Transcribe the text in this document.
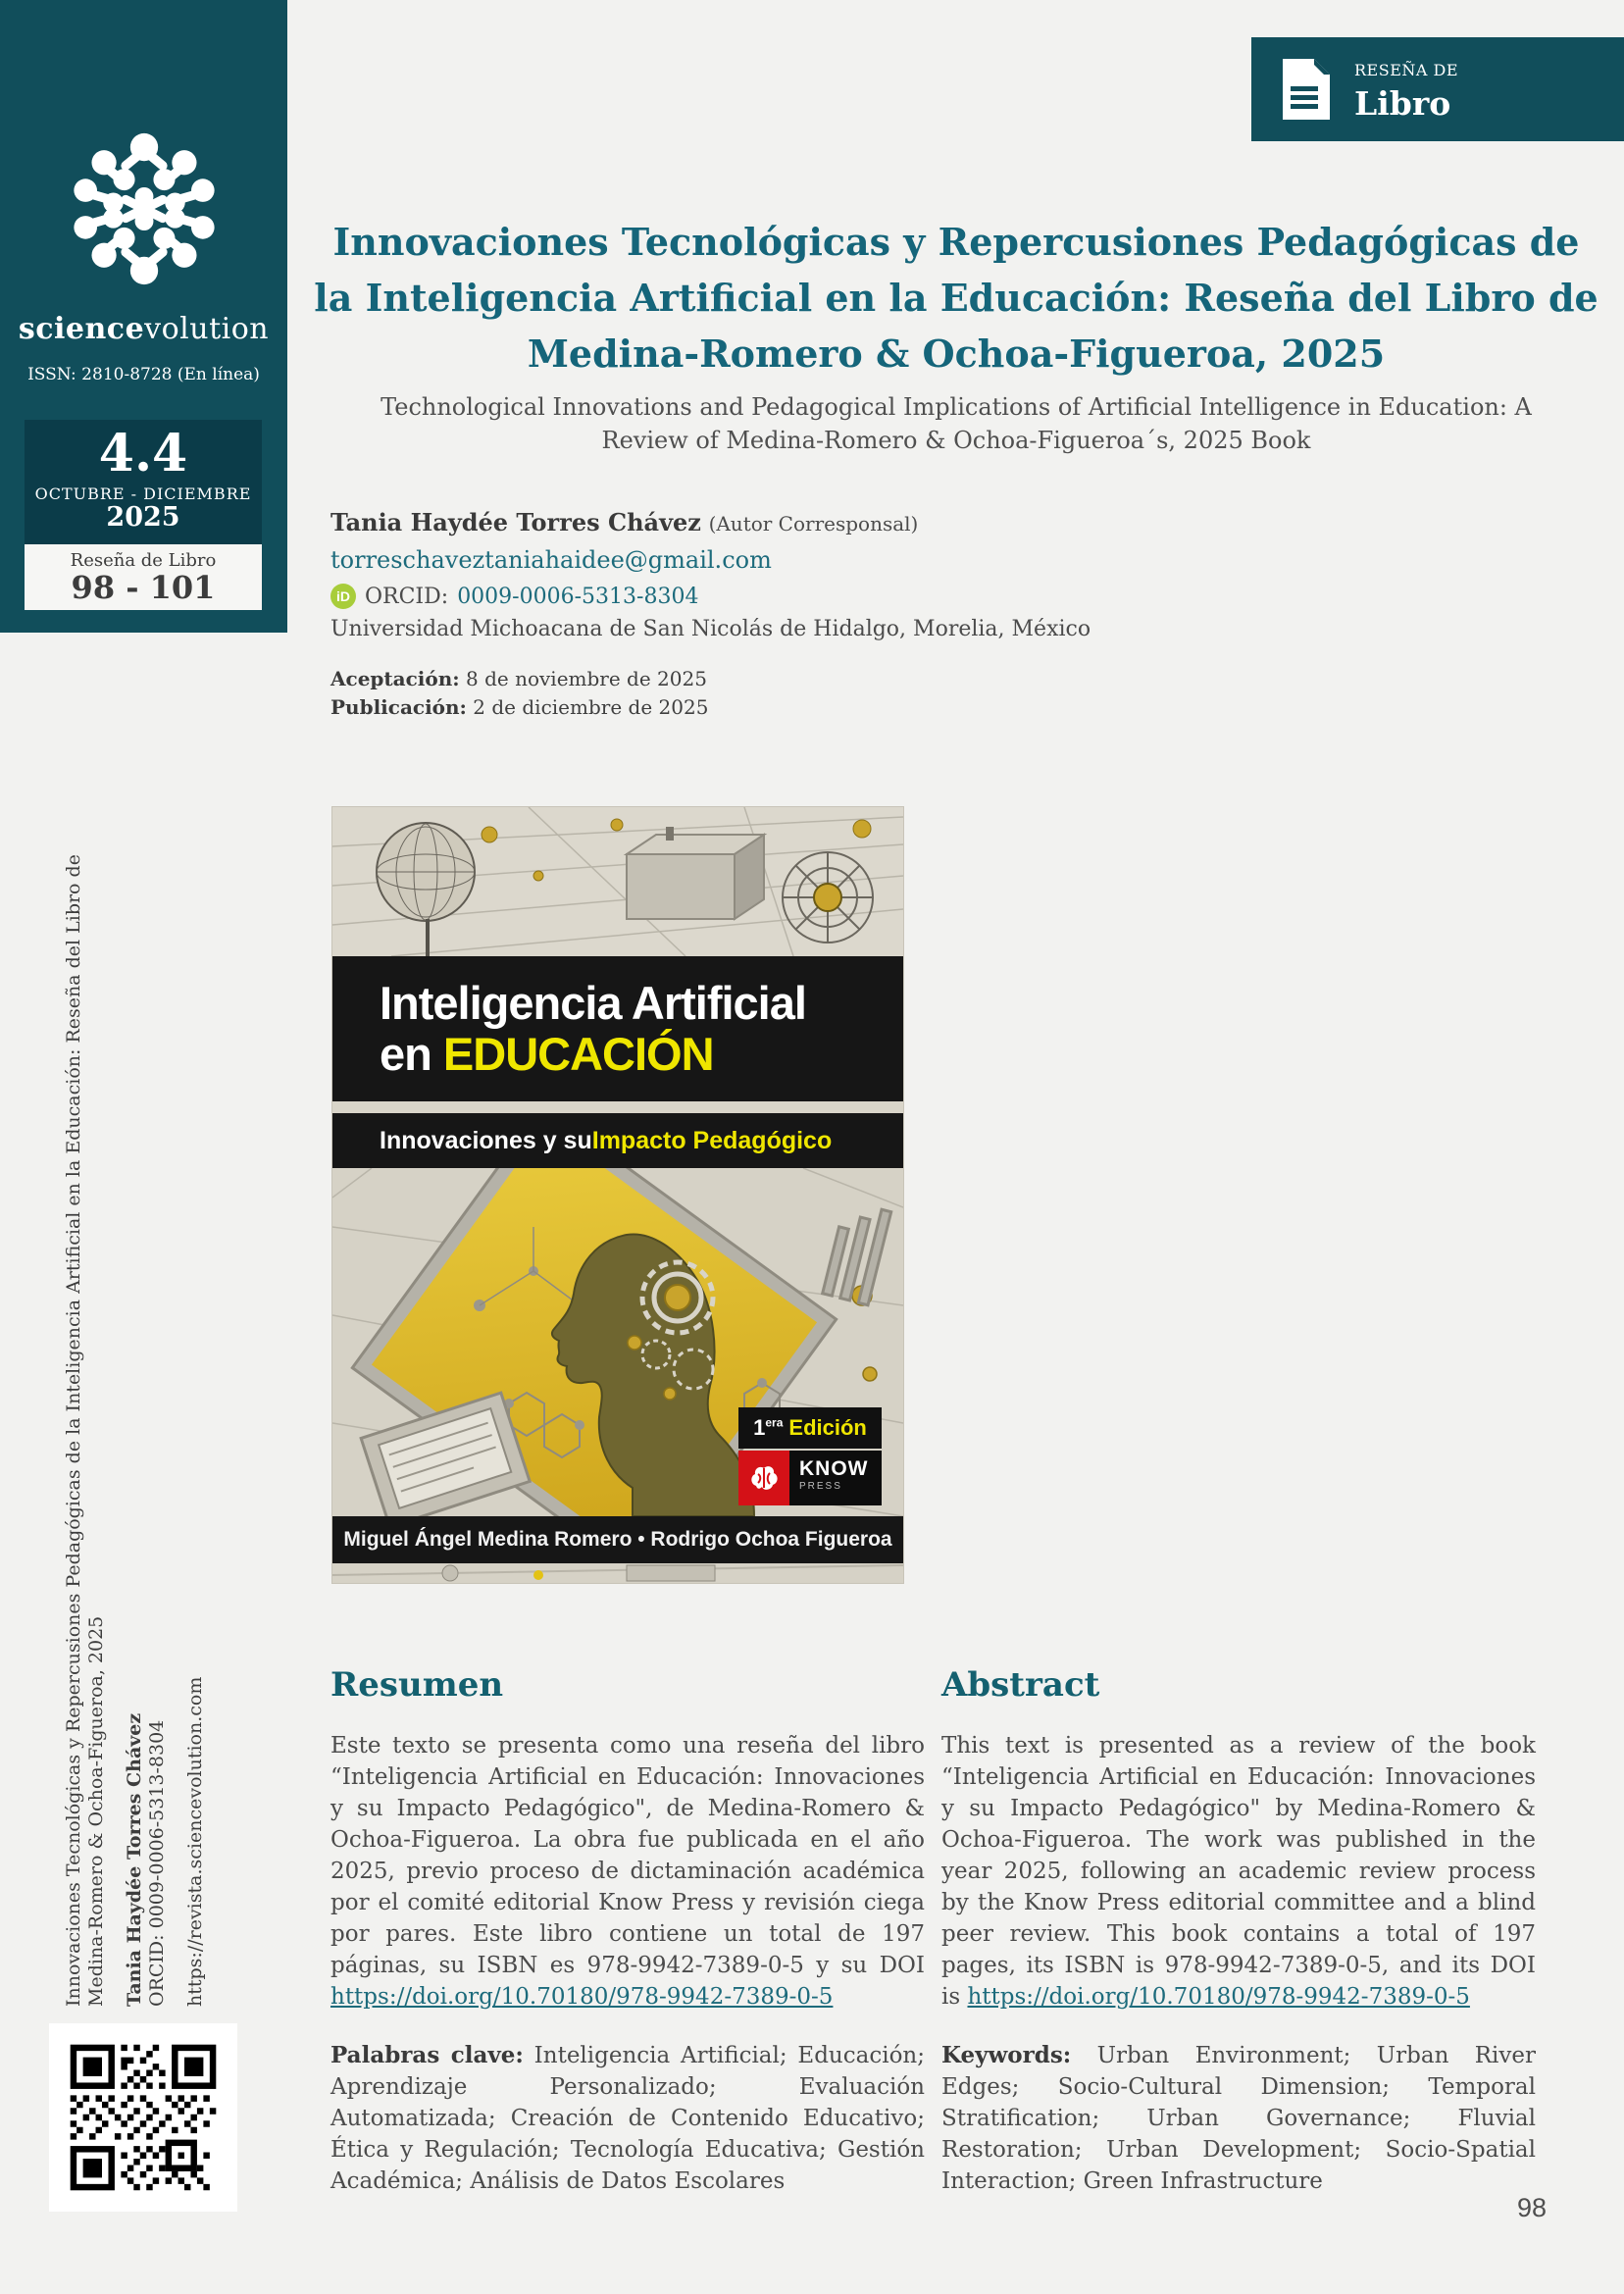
sciencevolution
ISSN: 2810-8728 (En línea)
4.4
OCTUBRE - DICIEMBRE
2025
Reseña de Libro
98 - 101
RESEÑA DE
Libro
Innovaciones Tecnológicas y Repercusiones Pedagógicas de la Inteligencia Artificial en la Educación: Reseña del Libro de Medina-Romero & Ochoa-Figueroa, 2025
Technological Innovations and Pedagogical Implications of Artificial Intelligence in Education: A Review of Medina-Romero & Ochoa-Figueroa´s, 2025 Book
Tania Haydée Torres Chávez (Autor Corresponsal)
torreschaveztaniahaidee@gmail.com
iD ORCID: 0009-0006-5313-8304
Universidad Michoacana de San Nicolás de Hidalgo, Morelia, México
Aceptación: 8 de noviembre de 2025
Publicación: 2 de diciembre de 2025
Inteligencia Artificial
en EDUCACIÓN
Innovaciones y su Impacto Pedagógico
$1^{era}$ Edición
KNOW
PRESS
Miguel Ángel Medina Romero • Rodrigo Ochoa Figueroa
Resumen

Este texto se presenta como una reseña del libro “Inteligencia Artificial en Educación: Innovaciones y su Impacto Pedagógico", de Medina-Romero & Ochoa-Figueroa. La obra fue publicada en el año 2025, previo proceso de dictaminación académica por el comité editorial Know Press y revisión ciega por pares. Este libro contiene un total de 197 páginas, su ISBN es 978-9942-7389-0-5 y su DOI https://doi.org/10.70180/978-9942-7389-0-5

Palabras clave: Inteligencia Artificial; Educación; Aprendizaje Personalizado; Evaluación Automatizada; Creación de Contenido Educativo; Ética y Regulación; Tecnología Educativa; Gestión Académica; Análisis de Datos Escolares

Abstract

This text is presented as a review of the book “Inteligencia Artificial en Educación: Innovaciones y su Impacto Pedagógico" by Medina-Romero & Ochoa-Figueroa. The work was published in the year 2025, following an academic review process by the Know Press editorial committee and a blind peer review. This book contains a total of 197 pages, its ISBN is 978-9942-7389-0-5, and its DOI is https://doi.org/10.70180/978-9942-7389-0-5

Keywords: Urban Environment; Urban River Edges; Socio-Cultural Dimension; Temporal Stratification; Urban Governance; Fluvial Restoration; Urban Development; Socio-Spatial Interaction; Green Infrastructure

Innovaciones Tecnológicas y Repercusiones Pedagógicas de la Inteligencia Artificial en la Educación: Reseña del Libro de Medina-Romero & Ochoa-Figueroa, 2025 Tania Haydée Torres Chávez ORCID: 0009-0006-5313-8304 https://revista.sciencevolution.com
98
